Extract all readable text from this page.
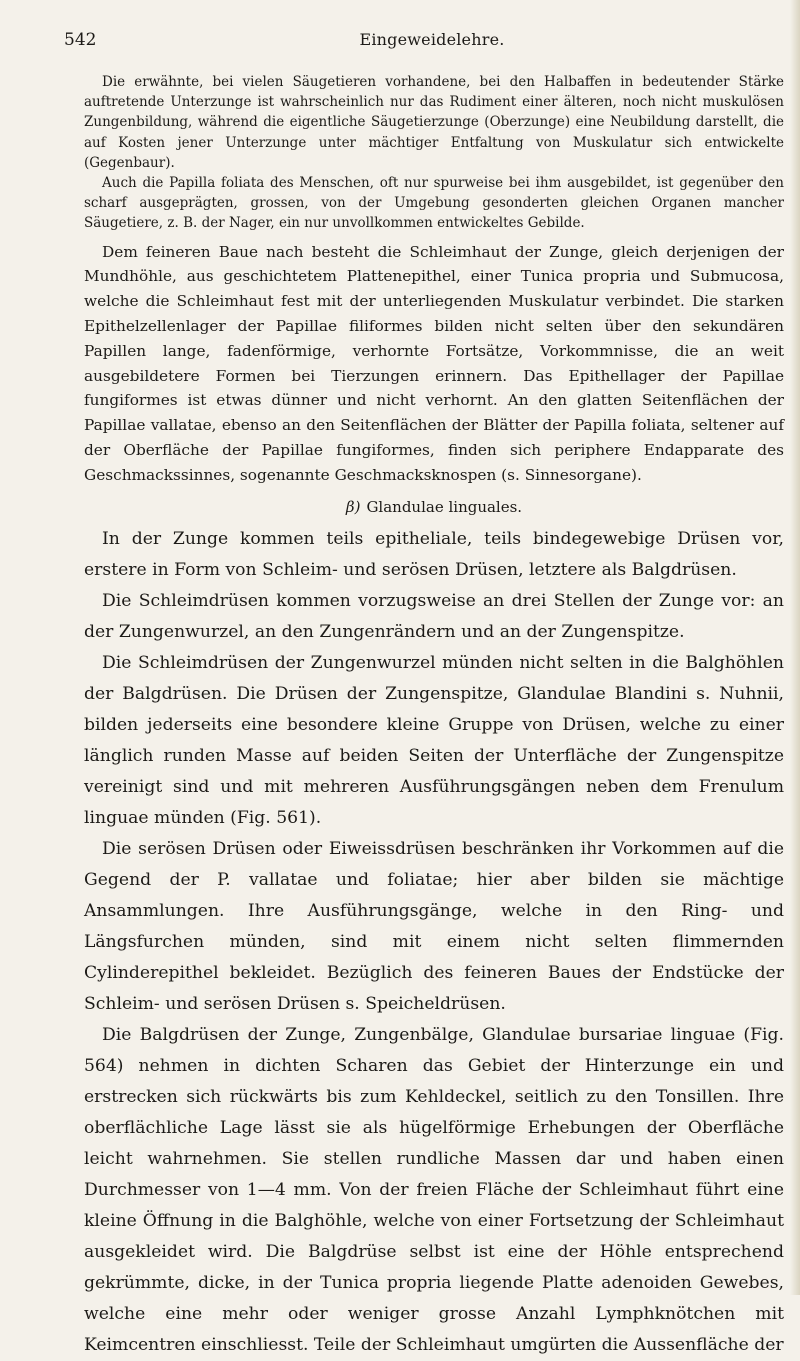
542	Eingeweidelehre.

Die erwähnte, bei vielen Säugetieren vorhandene, bei den Halbaffen in bedeutender Stärke auftretende Unterzunge ist wahrscheinlich nur das Rudiment einer älteren, noch nicht muskulösen Zungenbildung, während die eigentliche Säugetierzunge (Oberzunge) eine Neubildung darstellt, die auf Kosten jener Unterzunge unter mächtiger Entfaltung von Muskulatur sich entwickelte (Gegenbaur).

Auch die Papilla foliata des Menschen, oft nur spurweise bei ihm ausgebildet, ist gegenüber den scharf ausgeprägten, grossen, von der Umgebung gesonderten gleichen Organen mancher Säugetiere, z. B. der Nager, ein nur unvollkommen entwickeltes Gebilde.

Dem feineren Baue nach besteht die Schleimhaut der Zunge, gleich derjenigen der Mundhöhle, aus geschichtetem Plattenepithel, einer Tunica propria und Submucosa, welche die Schleimhaut fest mit der unterliegenden Muskulatur verbindet. Die starken Epithelzellenlager der Papillae filiformes bilden nicht selten über den sekundären Papillen lange, fadenförmige, verhornte Fortsätze, Vorkommnisse, die an weit ausgebildetere Formen bei Tierzungen erinnern. Das Epithellager der Papillae fungiformes ist etwas dünner und nicht verhornt. An den glatten Seitenflächen der Papillae vallatae, ebenso an den Seitenflächen der Blätter der Papilla foliata, seltener auf der Oberfläche der Papillae fungiformes, finden sich periphere Endapparate des Geschmackssinnes, sogenannte Geschmacksknospen (s. Sinnesorgane).

β) Glandulae linguales.

In der Zunge kommen teils epitheliale, teils bindegewebige Drüsen vor, erstere in Form von Schleim- und serösen Drüsen, letztere als Balgdrüsen.

Die Schleimdrüsen kommen vorzugsweise an drei Stellen der Zunge vor: an der Zungenwurzel, an den Zungenrändern und an der Zungenspitze.

Die Schleimdrüsen der Zungenwurzel münden nicht selten in die Balghöhlen der Balgdrüsen. Die Drüsen der Zungenspitze, Glandulae Blandini s. Nuhnii, bilden jederseits eine besondere kleine Gruppe von Drüsen, welche zu einer länglich runden Masse auf beiden Seiten der Unterfläche der Zungenspitze vereinigt sind und mit mehreren Ausführungsgängen neben dem Frenulum linguae münden (Fig. 561).

Die serösen Drüsen oder Eiweissdrüsen beschränken ihr Vorkommen auf die Gegend der P. vallatae und foliatae; hier aber bilden sie mächtige Ansammlungen. Ihre Ausführungsgänge, welche in den Ring- und Längsfurchen münden, sind mit einem nicht selten flimmernden Cylinderepithel bekleidet. Bezüglich des feineren Baues der Endstücke der Schleim- und serösen Drüsen s. Speicheldrüsen.

Die Balgdrüsen der Zunge, Zungenbälge, Glandulae bursariae linguae (Fig. 564) nehmen in dichten Scharen das Gebiet der Hinterzunge ein und erstrecken sich rückwärts bis zum Kehldeckel, seitlich zu den Tonsillen. Ihre oberflächliche Lage lässt sie als hügelförmige Erhebungen der Oberfläche leicht wahrnehmen. Sie stellen rundliche Massen dar und haben einen Durchmesser von 1—4 mm. Von der freien Fläche der Schleimhaut führt eine kleine Öffnung in die Balghöhle, welche von einer Fortsetzung der Schleimhaut ausgekleidet wird. Die Balgdrüse selbst ist eine der Höhle entsprechend gekrümmte, dicke, in der Tunica propria liegende Platte adenoiden Gewebes, welche eine mehr oder weniger grosse Anzahl Lymphknötchen mit Keimcentren einschliesst. Teile der Schleimhaut umgürten die Aussenfläche der
